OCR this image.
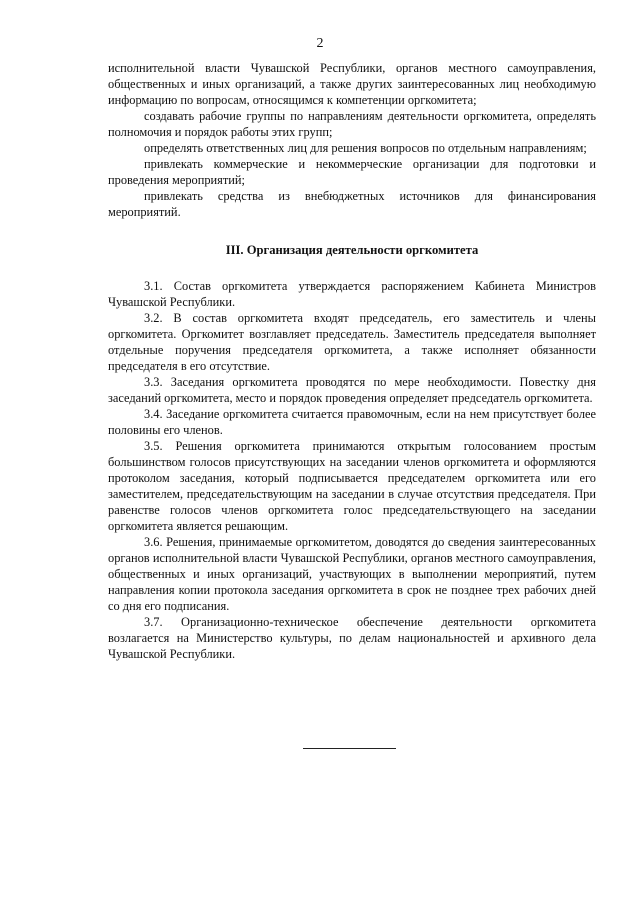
2

исполнительной власти Чувашской Республики, органов местного самоуправления, общественных и иных организаций, а также других заинтересованных лиц необходимую информацию по вопросам, относящимся к компетенции оргкомитета;

создавать рабочие группы по направлениям деятельности оргкомитета, определять полномочия и порядок работы этих групп;

определять ответственных лиц для решения вопросов по отдельным направлениям;

привлекать коммерческие и некоммерческие организации для подготовки и проведения мероприятий;

привлекать средства из внебюджетных источников для финансирования мероприятий.

III. Организация деятельности оргкомитета

3.1. Состав оргкомитета утверждается распоряжением Кабинета Министров Чувашской Республики.

3.2. В состав оргкомитета входят председатель, его заместитель и члены оргкомитета. Оргкомитет возглавляет председатель. Заместитель председателя выполняет отдельные поручения председателя оргкомитета, а также исполняет обязанности председателя в его отсутствие.

3.3. Заседания оргкомитета проводятся по мере необходимости. Повестку дня заседаний оргкомитета, место и порядок проведения определяет председатель оргкомитета.

3.4. Заседание оргкомитета считается правомочным, если на нем присутствует более половины его членов.

3.5. Решения оргкомитета принимаются открытым голосованием простым большинством голосов присутствующих на заседании членов оргкомитета и оформляются протоколом заседания, который подписывается председателем оргкомитета или его заместителем, председательствующим на заседании в случае отсутствия председателя. При равенстве голосов членов оргкомитета голос председательствующего на заседании оргкомитета является решающим.

3.6. Решения, принимаемые оргкомитетом, доводятся до сведения заинтересованных органов исполнительной власти Чувашской Республики, органов местного самоуправления, общественных и иных организаций, участвующих в выполнении мероприятий, путем направления копии протокола заседания оргкомитета в срок не позднее трех рабочих дней со дня его подписания.

3.7. Организационно-техническое обеспечение деятельности оргкомитета возлагается на Министерство культуры, по делам национальностей и архивного дела Чувашской Республики.
